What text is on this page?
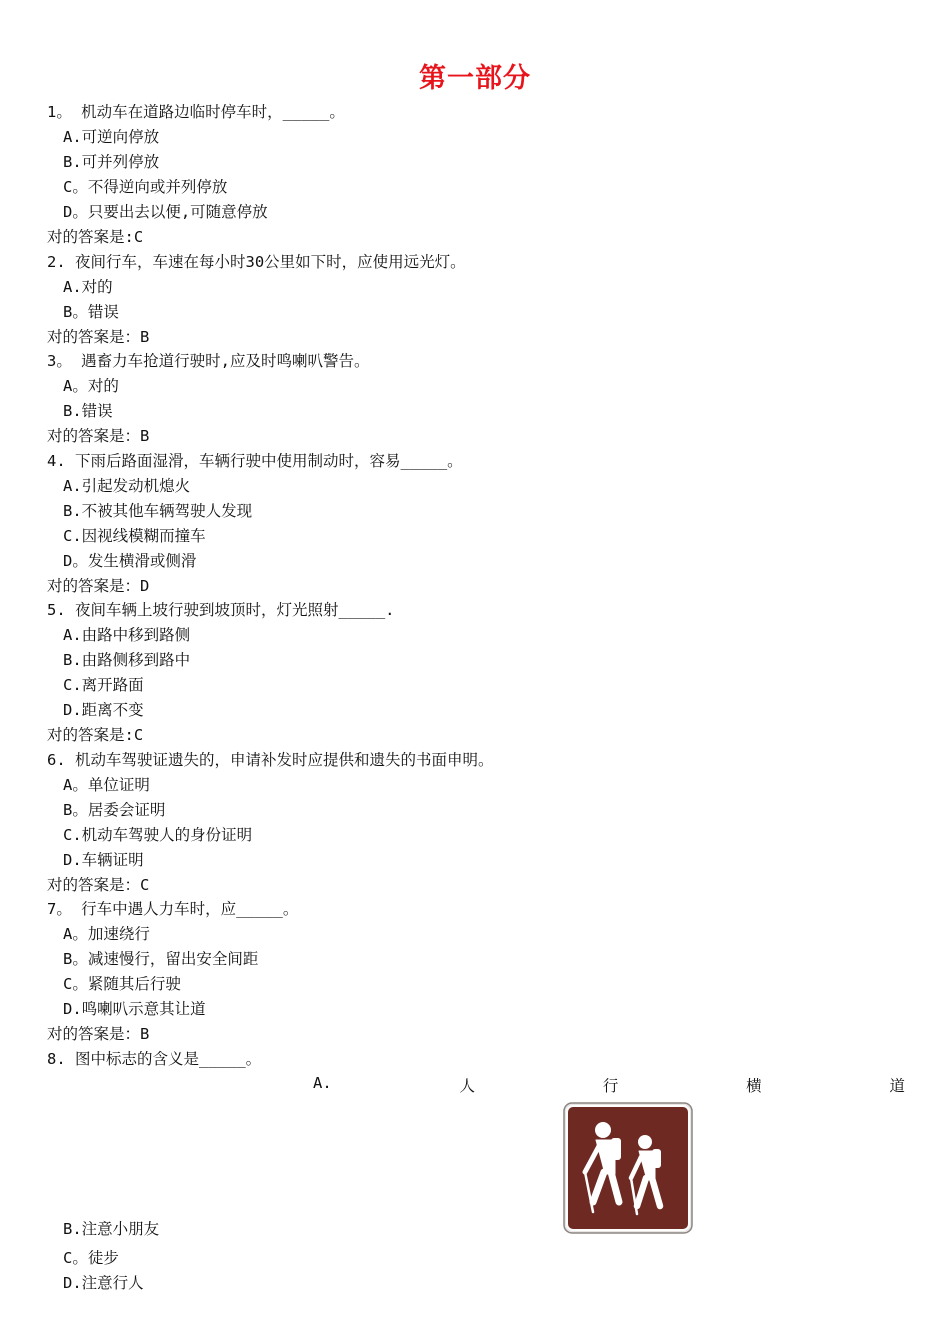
第一部分
1。 机动车在道路边临时停车时，_____。
A.可逆向停放
B.可并列停放
C。不得逆向或并列停放
D。只要出去以便,可随意停放
对的答案是:C
2. 夜间行车，车速在每小时30公里如下时，应使用远光灯。
A.对的
B。错误
对的答案是：B
3。 遇畜力车抢道行驶时,应及时鸣喇叭警告。
A。对的
B.错误
对的答案是：B
4. 下雨后路面湿滑，车辆行驶中使用制动时，容易_____。
A.引起发动机熄火
B.不被其他车辆驾驶人发现
C.因视线模糊而撞车
D。发生横滑或侧滑
对的答案是：D
5. 夜间车辆上坡行驶到坡顶时，灯光照射_____.
A.由路中移到路侧
B.由路侧移到路中
C.离开路面
D.距离不变
对的答案是:C
6. 机动车驾驶证遗失的，申请补发时应提供和遗失的书面申明。
A。单位证明
B。居委会证明
C.机动车驾驶人的身份证明
D.车辆证明
对的答案是：C
7。 行车中遇人力车时，应_____。
A。加速绕行
B。减速慢行，留出安全间距
C。紧随其后行驶
D.鸣喇叭示意其让道
对的答案是：B
8. 图中标志的含义是_____。
A.	人	行	横	道
B.注意小朋友
C。徒步
D.注意行人
